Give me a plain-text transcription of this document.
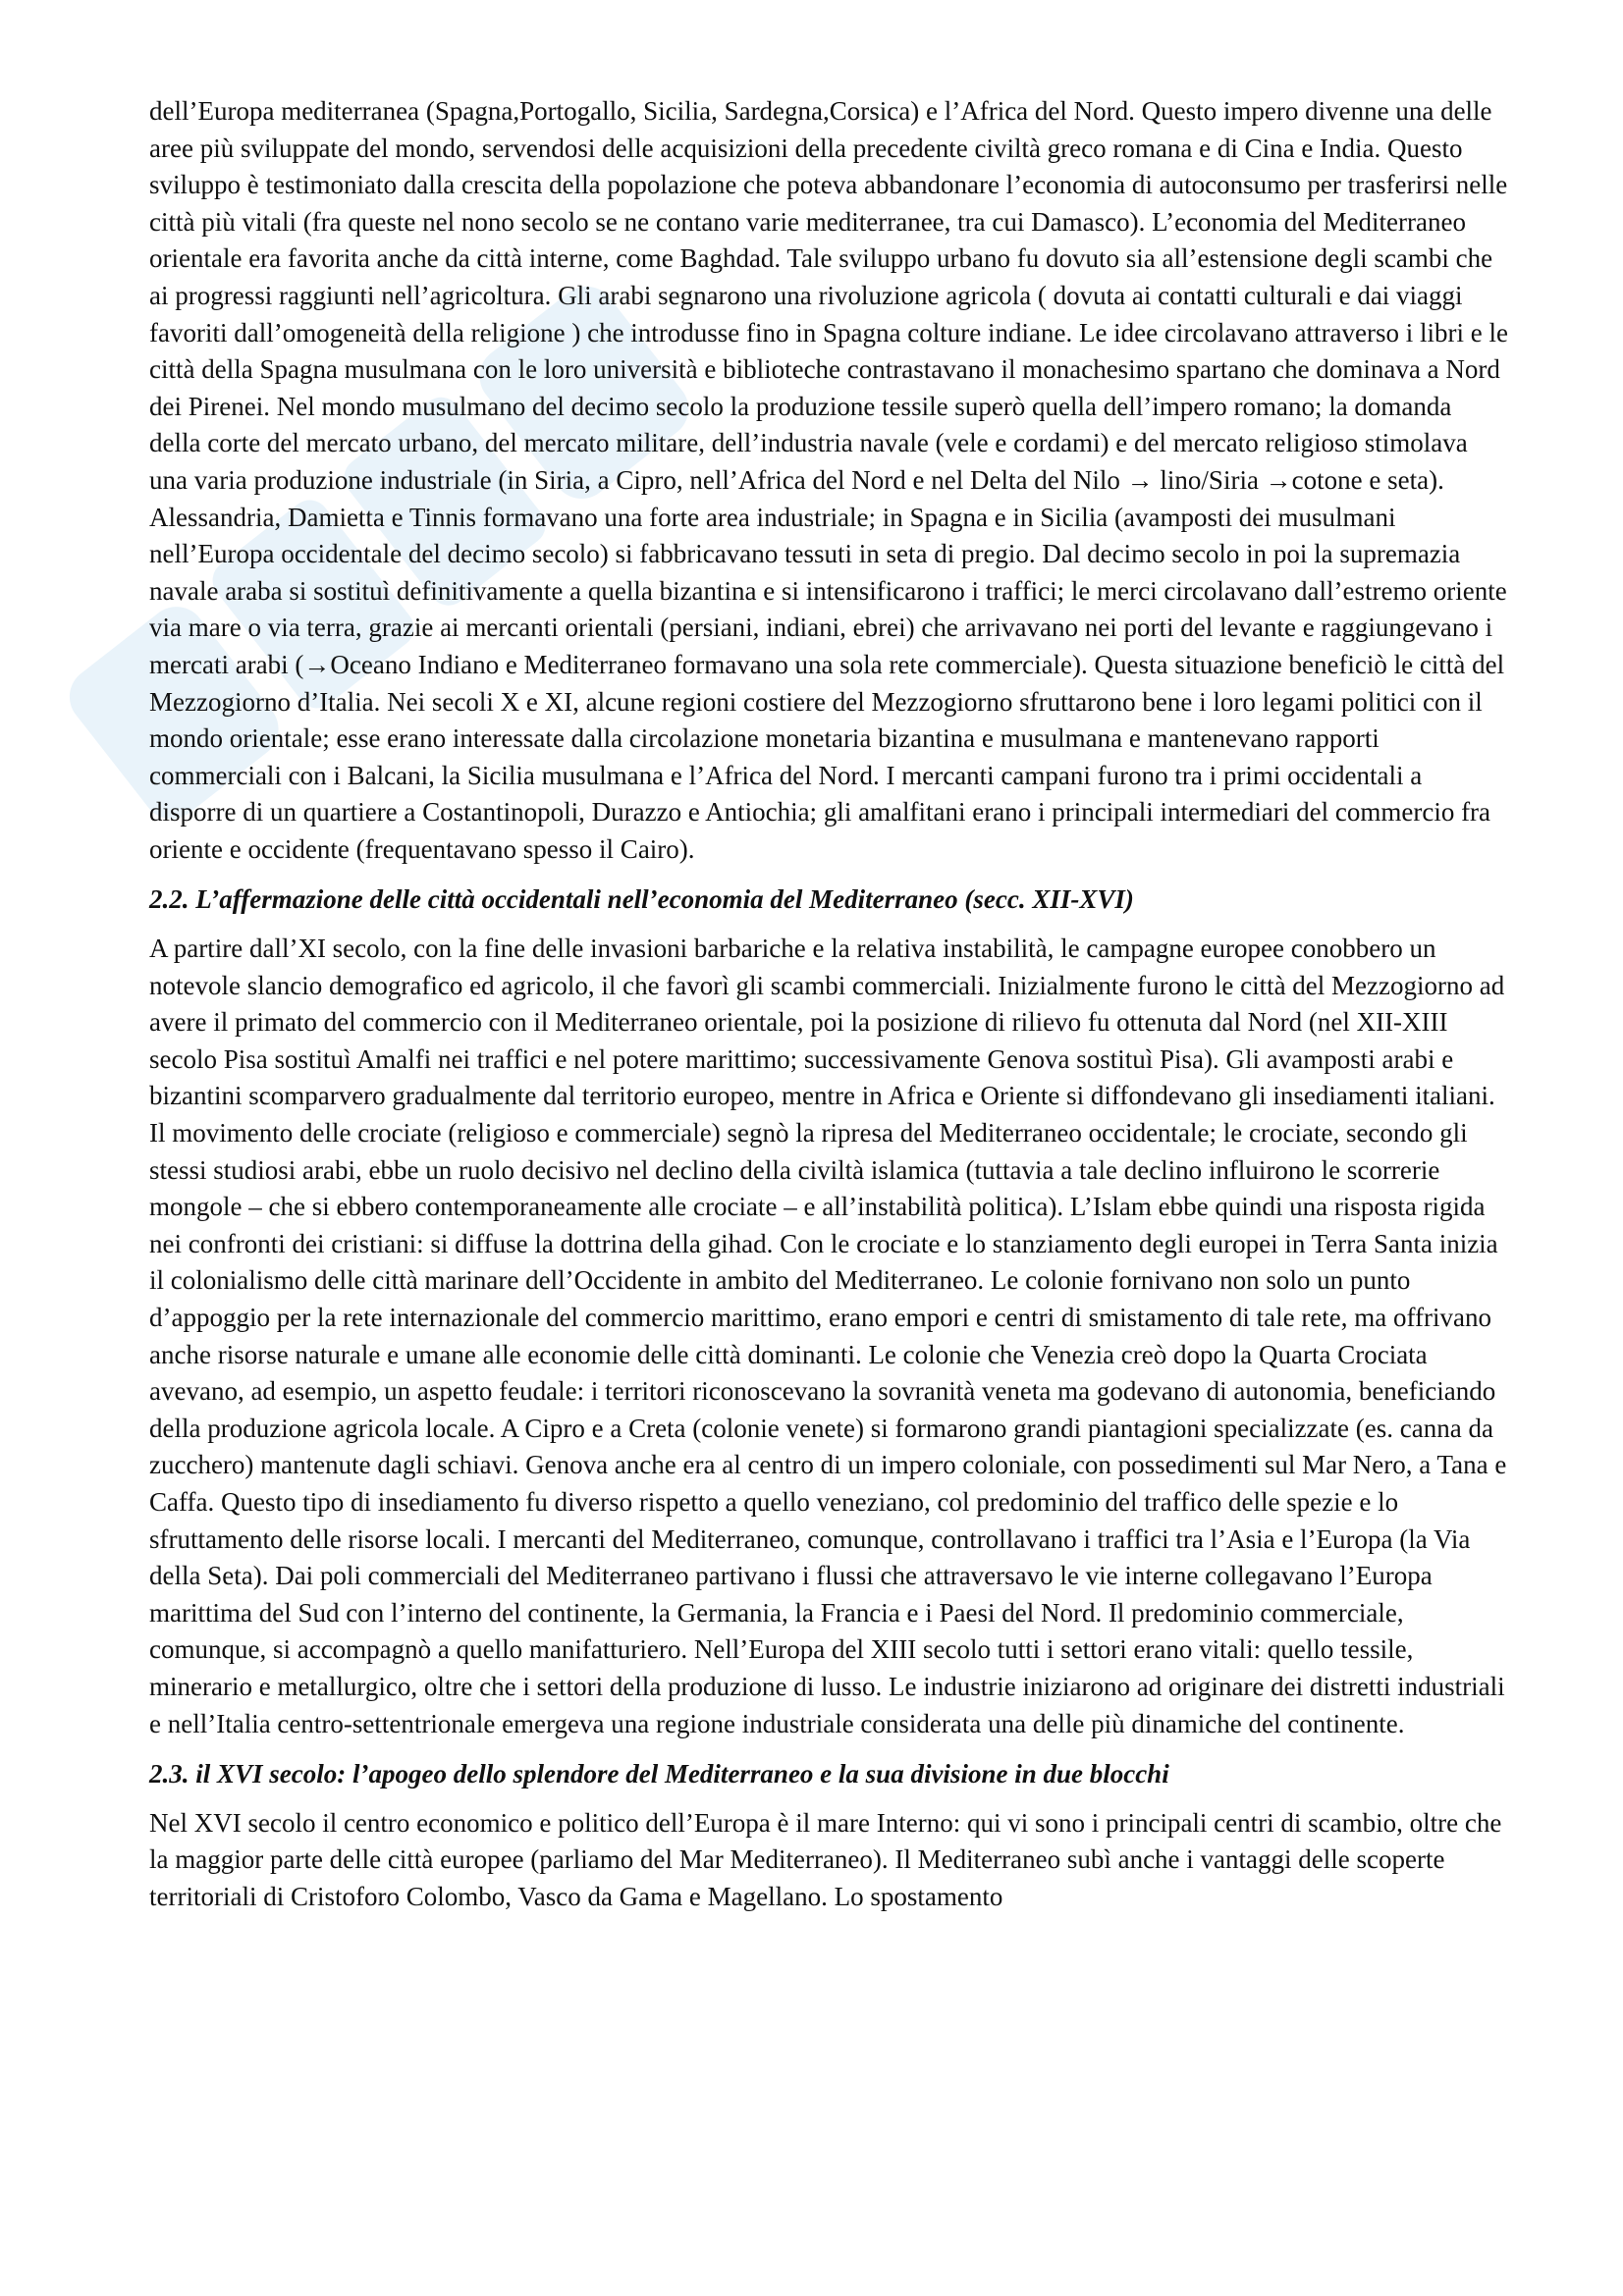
dell’Europa mediterranea (Spagna,Portogallo, Sicilia, Sardegna,Corsica) e l’Africa del Nord. Questo impero divenne una delle aree più sviluppate del mondo, servendosi delle acquisizioni della precedente civiltà greco romana e di Cina e India. Questo sviluppo è testimoniato dalla crescita della popolazione che poteva abbandonare l’economia di autoconsumo per trasferirsi nelle città più vitali (fra queste nel nono secolo se ne contano varie mediterranee, tra cui Damasco). L’economia del Mediterraneo orientale era favorita anche da città interne, come Baghdad. Tale sviluppo urbano fu dovuto sia all’estensione degli scambi che ai progressi raggiunti nell’agricoltura. Gli arabi segnarono una rivoluzione agricola ( dovuta ai contatti culturali e dai viaggi favoriti dall’omogeneità della religione ) che introdusse fino in Spagna colture indiane. Le idee circolavano attraverso i libri e le città della Spagna musulmana con le loro università e biblioteche contrastavano il monachesimo spartano che dominava a Nord dei Pirenei. Nel mondo musulmano del decimo secolo la produzione tessile superò quella dell’impero romano; la domanda della corte del mercato urbano, del mercato militare, dell’industria navale (vele e cordami) e del mercato religioso stimolava una varia produzione industriale (in Siria, a Cipro, nell’Africa del Nord e nel Delta del Nilo → lino/Siria →cotone e seta). Alessandria, Damietta e Tinnis formavano una forte area industriale; in Spagna e in Sicilia (avamposti dei musulmani nell’Europa occidentale del decimo secolo) si fabbricavano tessuti in seta di pregio. Dal decimo secolo in poi la supremazia navale araba si sostituì definitivamente a quella bizantina e si intensificarono i traffici; le merci circolavano dall’estremo oriente via mare o via terra, grazie ai mercanti orientali (persiani, indiani, ebrei) che arrivavano nei porti del levante e raggiungevano i mercati arabi (→Oceano Indiano e Mediterraneo formavano una sola rete commerciale). Questa situazione beneficiò le città del Mezzogiorno d’Italia. Nei secoli X e XI, alcune regioni costiere del Mezzogiorno sfruttarono bene i loro legami politici con il mondo orientale; esse erano interessate dalla circolazione monetaria bizantina e musulmana e mantenevano rapporti commerciali con i Balcani, la Sicilia musulmana e l’Africa del Nord. I mercanti campani furono tra i primi occidentali a disporre di un quartiere a Costantinopoli, Durazzo e Antiochia; gli amalfitani erano i principali intermediari del commercio fra oriente e occidente (frequentavano spesso il Cairo).

2.2. L’affermazione delle città occidentali nell’economia del Mediterraneo (secc. XII-XVI)

A partire dall’XI secolo, con la fine delle invasioni barbariche e la relativa instabilità, le campagne europee conobbero un notevole slancio demografico ed agricolo, il che favorì gli scambi commerciali. Inizialmente furono le città del Mezzogiorno ad avere il primato del commercio con il Mediterraneo orientale, poi la posizione di rilievo fu ottenuta dal Nord (nel XII-XIII secolo Pisa sostituì Amalfi nei traffici e nel potere marittimo; successivamente Genova sostituì Pisa). Gli avamposti arabi e bizantini scomparvero gradualmente dal territorio europeo, mentre in Africa e Oriente si diffondevano gli insediamenti italiani. Il movimento delle crociate (religioso e commerciale) segnò la ripresa del Mediterraneo occidentale; le crociate, secondo gli stessi studiosi arabi, ebbe un ruolo decisivo nel declino della civiltà islamica (tuttavia a tale declino influirono le scorrerie mongole – che si ebbero contemporaneamente alle crociate – e all’instabilità politica). L’Islam ebbe quindi una risposta rigida nei confronti dei cristiani: si diffuse la dottrina della gihad. Con le crociate e lo stanziamento degli europei in Terra Santa inizia il colonialismo delle città marinare dell’Occidente in ambito del Mediterraneo. Le colonie fornivano non solo un punto d’appoggio per la rete internazionale del commercio marittimo, erano empori e centri di smistamento di tale rete, ma offrivano anche risorse naturale e umane alle economie delle città dominanti. Le colonie che Venezia creò dopo la Quarta Crociata avevano, ad esempio, un aspetto feudale: i territori riconoscevano la sovranità veneta ma godevano di autonomia, beneficiando della produzione agricola locale. A Cipro e a Creta (colonie venete) si formarono grandi piantagioni specializzate (es. canna da zucchero) mantenute dagli schiavi. Genova anche era al centro di un impero coloniale, con possedimenti sul Mar Nero, a Tana e Caffa. Questo tipo di insediamento fu diverso rispetto a quello veneziano, col predominio del traffico delle spezie e lo sfruttamento delle risorse locali. I mercanti del Mediterraneo, comunque, controllavano i traffici tra l’Asia e l’Europa (la Via della Seta). Dai poli commerciali del Mediterraneo partivano i flussi che attraversavo le vie interne collegavano l’Europa marittima del Sud con l’interno del continente, la Germania, la Francia e i Paesi del Nord. Il predominio commerciale, comunque, si accompagnò a quello manifatturiero. Nell’Europa del XIII secolo tutti i settori erano vitali: quello tessile, minerario e metallurgico, oltre che i settori della produzione di lusso. Le industrie iniziarono ad originare dei distretti industriali e nell’Italia centro-settentrionale emergeva una regione industriale considerata una delle più dinamiche del continente.

2.3. il XVI secolo: l’apogeo dello splendore del Mediterraneo e la sua divisione in due blocchi

Nel XVI secolo il centro economico e politico dell’Europa è il mare Interno: qui vi sono i principali centri di scambio, oltre che la maggior parte delle città europee (parliamo del Mar Mediterraneo). Il Mediterraneo subì anche i vantaggi delle scoperte territoriali di Cristoforo Colombo, Vasco da Gama e Magellano. Lo spostamento
